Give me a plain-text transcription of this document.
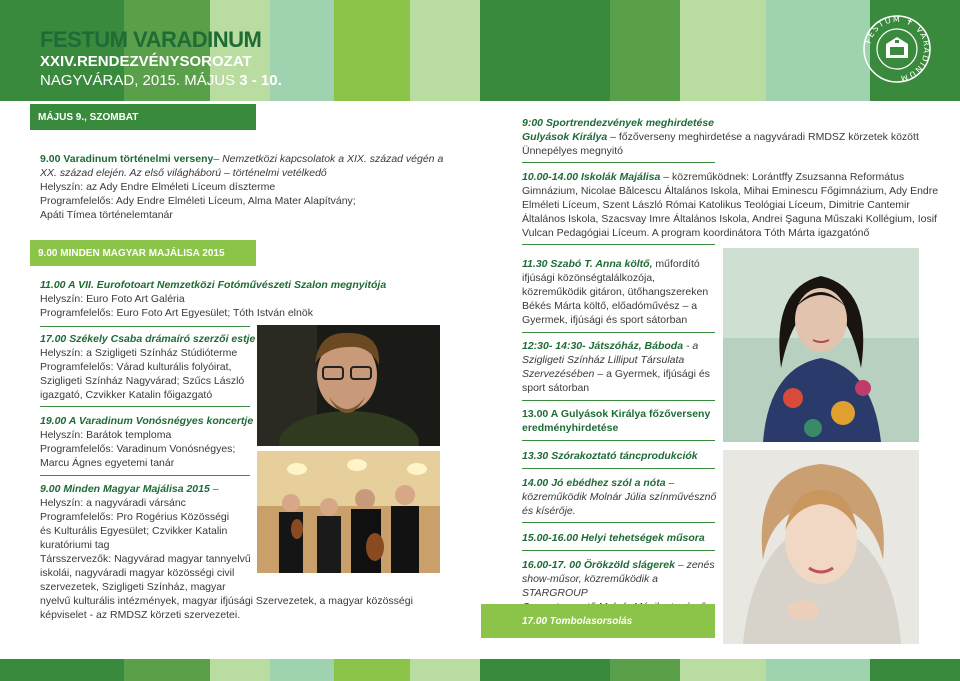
FESTUM VARADINUM
XXIV.RENDEZVÉNYSOROZAT
NAGYVÁRAD, 2015. MÁJUS 3 - 10.
FESTUM ✝ VARADINUM
MÁJUS 9., SZOMBAT

9.00 Varadinum történelmi verseny– Nemzetközi kapcsolatok a XIX. század végén a XX. század elején. Az első világháború – történelmi vetélkedő

Helyszín: az Ady Endre Elméleti Líceum díszterme

Programfelelős: Ady Endre Elméleti Líceum, Alma Mater Alapítvány;

Apáti Tímea történelemtanár

9.00 MINDEN MAGYAR MAJÁLISA 2015

11.00 A VII. Eurofotoart Nemzetközi Fotóművészeti Szalon megnyitója

Helyszín: Euro Foto Art Galéria

Programfelelős: Euro Foto Art Egyesület; Tóth István elnök

17.00 Székely Csaba drámaíró szerzői estje

Helyszín: a Szigligeti Színház Stúdióterme

Programfelelős: Várad kulturális folyóirat,

Szigligeti Színház Nagyvárad; Szűcs László

igazgató, Czvikker Katalin főigazgató

19.00 A Varadinum Vonósnégyes koncertje

Helyszín: Barátok temploma

Programfelelős: Varadinum Vonósnégyes;

Marcu Ágnes egyetemi tanár

9.00 Minden Magyar Majálisa 2015 –

Helyszín: a nagyváradi vársánc

Programfelelős: Pro Rogérius Közösségi

és Kulturális Egyesület; Czvikker Katalin

kuratóriumi tag

Társszervezők: Nagyvárad magyar tannyelvű

iskolái, nagyváradi magyar közösségi civil

szervezetek, Szigligeti Színház, magyar

nyelvű kulturális intézmények, magyar ifjúsági Szervezetek, a magyar közösségi

képviselet - az RMDSZ körzeti szervezetei.

9:00 Sportrendezvények meghirdetése

Gulyások Királya – főzőverseny meghirdetése a nagyváradi RMDSZ körzetek között

Ünnepélyes megnyitó

10.00-14.00 Iskolák Majálisa – közreműködnek: Lorántffy Zsuzsanna Református Gimnázium, Nicolae Bălcescu Általános Iskola, Mihai Eminescu Főgimnázium, Ady Endre Elméleti Líceum, Szent László Római Katolikus Teológiai Líceum, Dimitrie Cantemir Általános Iskola, Szacsvay Imre Általános Iskola, Andrei Şaguna Műszaki Kollégium, Iosif Vulcan Pedagógiai Líceum. A program koordinátora Tóth Márta igazgatónő

11.30 Szabó T. Anna költő, műfordító

ifjúsági közönségtalálkozója,

közreműködik gitáron, ütőhangszereken

Békés Márta költő, előadóművész – a

Gyermek, ifjúsági és sport sátorban

12:30- 14:30- Játszóház, Báboda - a

Szigligeti Színház Lilliput Társulata

Szervezésében – a Gyermek, ifjúsági és

sport sátorban

13.00 A Gulyások Királya főzőverseny

eredményhirdetése

13.30 Szórakoztató táncprodukciók

14.00 Jó ebédhez szól a nóta –

közreműködik Molnár Júlia színművésznő

és kísérője.

15.00-16.00 Helyi tehetségek műsora

16.00-17. 00 Örökzöld slágerek – zenés

show-műsor, közreműködik a STARGROUP

17.00 Tombolasorsolás
